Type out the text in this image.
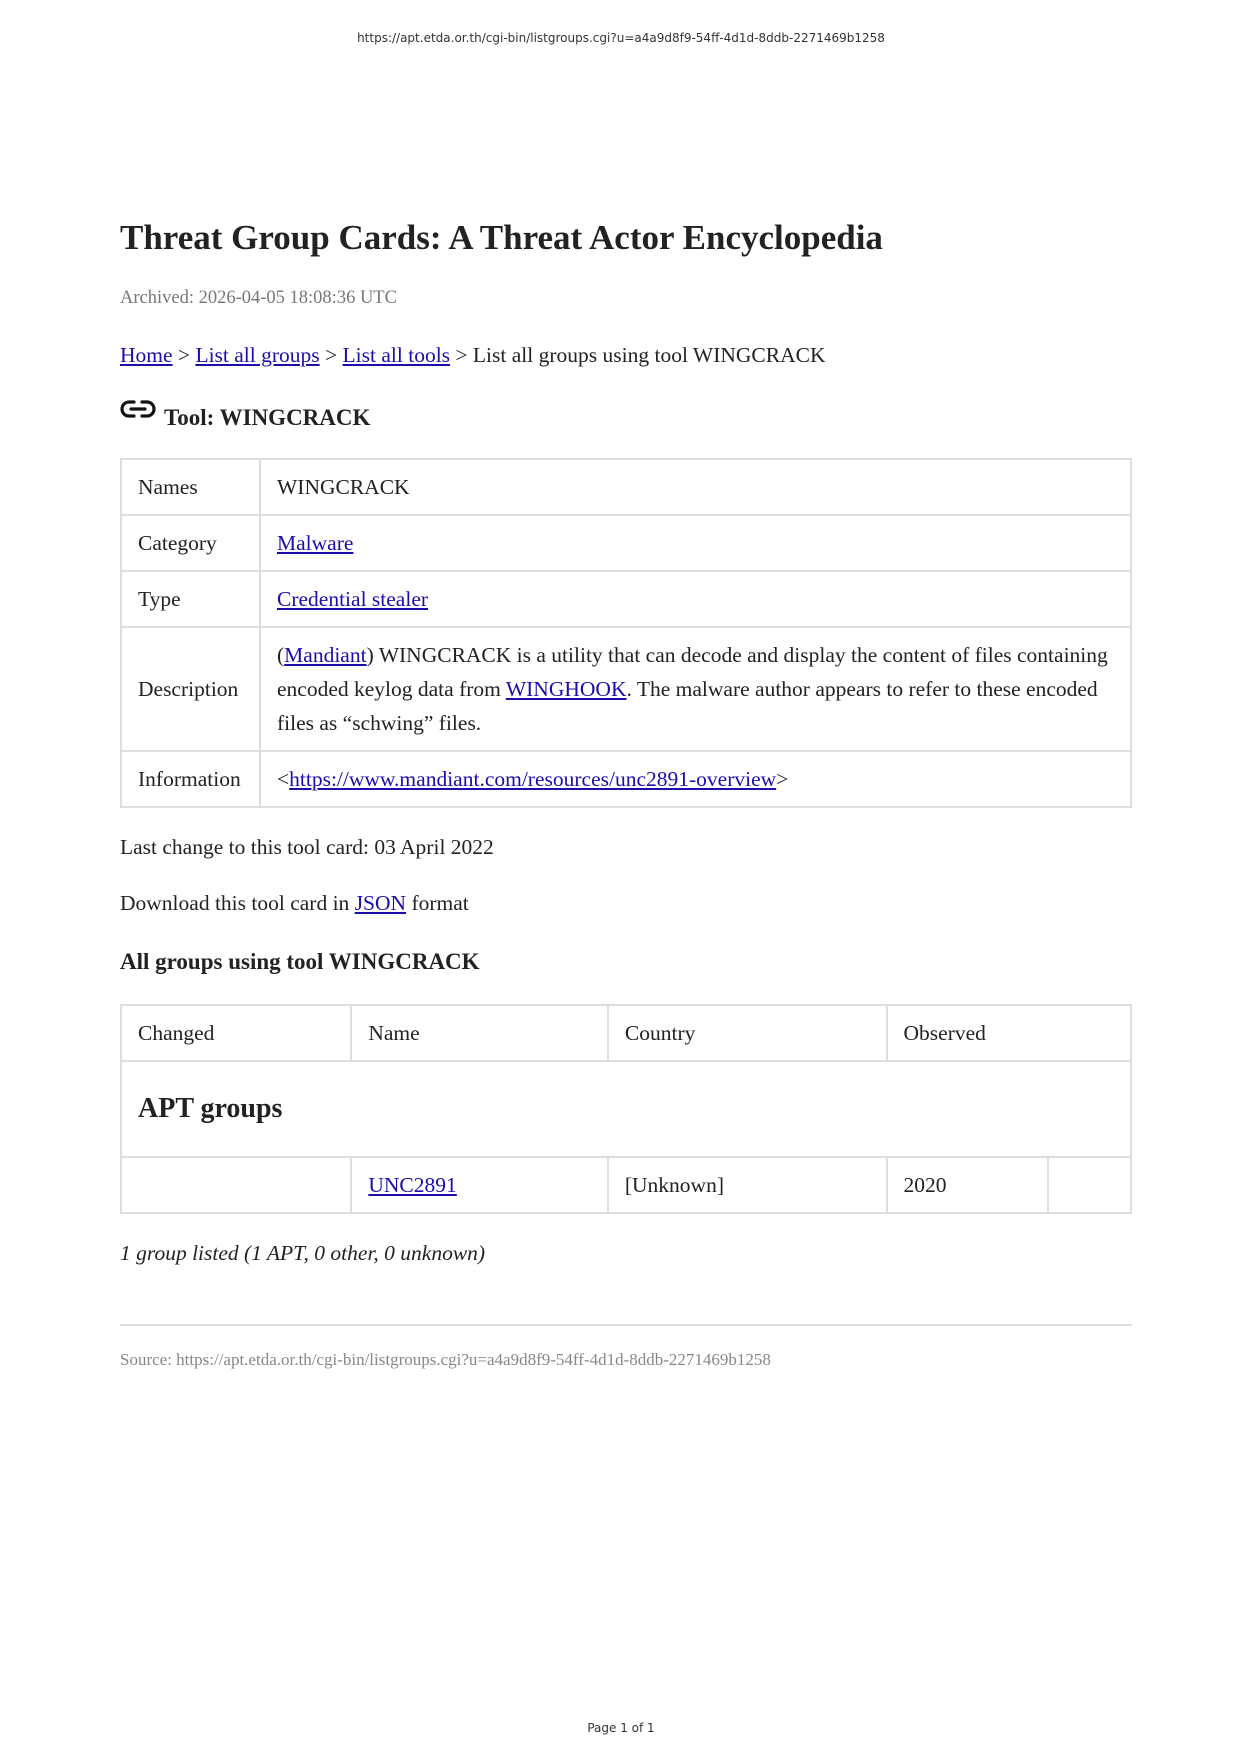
https://apt.etda.or.th/cgi-bin/listgroups.cgi?u=a4a9d8f9-54ff-4d1d-8ddb-2271469b1258
Threat Group Cards: A Threat Actor Encyclopedia
Archived: 2026-04-05 18:08:36 UTC
Home > List all groups > List all tools > List all groups using tool WINGCRACK
Tool: WINGCRACK
Names	WINGCRACK
Category	Malware
Type	Credential stealer
Description	(Mandiant) WINGCRACK is a utility that can decode and display the content of files containing encoded keylog data from WINGHOOK. The malware author appears to refer to these encoded files as “schwing” files.
Information	<https://www.mandiant.com/resources/unc2891-overview>
Last change to this tool card: 03 April 2022
Download this tool card in JSON format
All groups using tool WINGCRACK
Changed	Name	Country	Observed	
APT groups				
	UNC2891	[Unknown]	2020	
1 group listed (1 APT, 0 other, 0 unknown)
Source: https://apt.etda.or.th/cgi-bin/listgroups.cgi?u=a4a9d8f9-54ff-4d1d-8ddb-2271469b1258
Page 1 of 1
